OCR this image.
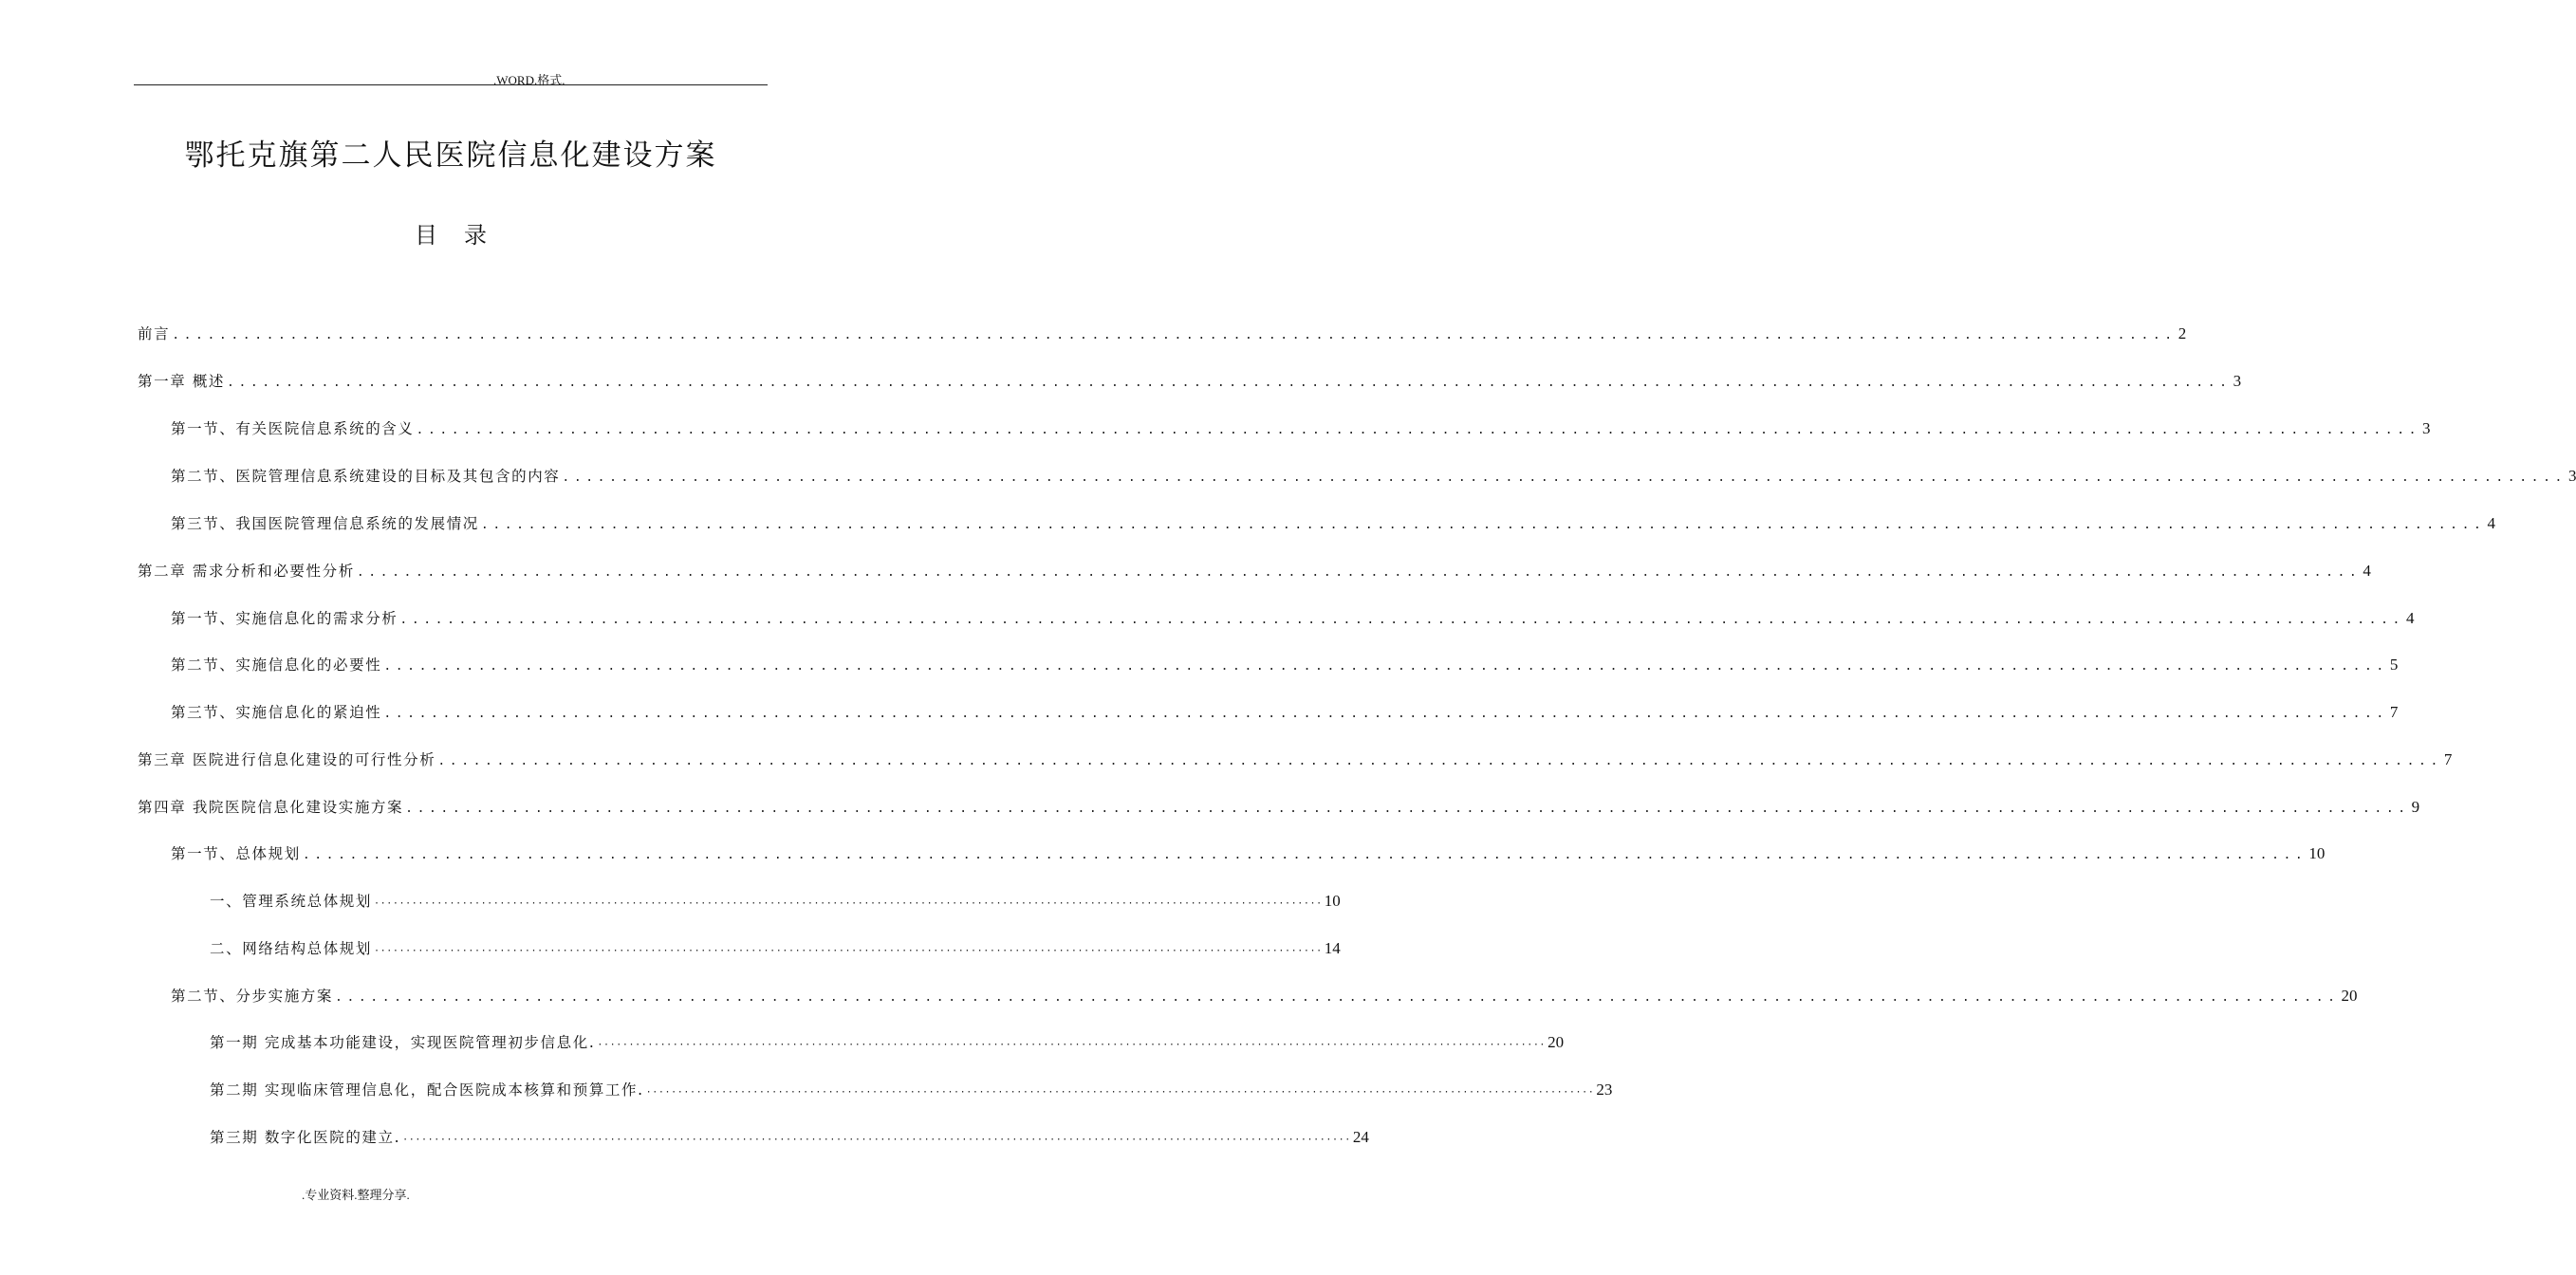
.WORD.格式.
鄂托克旗第二人民医院信息化建设方案
目录
前言 .......................................................................................................................................................................... 2
第一章 概述 .......................................................................................................................................................................... 3
第一节、有关医院信息系统的含义 .......................................................................................................................................................................... 3
第二节、医院管理信息系统建设的目标及其包含的内容 .......................................................................................................................................................................... 3
第三节、我国医院管理信息系统的发展情况 .......................................................................................................................................................................... 4
第二章 需求分析和必要性分析 .......................................................................................................................................................................... 4
第一节、实施信息化的需求分析 .......................................................................................................................................................................... 4
第二节、实施信息化的必要性 .......................................................................................................................................................................... 5
第三节、实施信息化的紧迫性 .......................................................................................................................................................................... 7
第三章 医院进行信息化建设的可行性分析 .......................................................................................................................................................................... 7
第四章 我院医院信息化建设实施方案 .......................................................................................................................................................................... 9
第一节、总体规划 .......................................................................................................................................................................... 10
一、管理系统总体规划 ······················································································································································· 10
二、网络结构总体规划 ······················································································································································· 14
第二节、分步实施方案 .......................................................................................................................................................................... 20
第一期 完成基本功能建设，实现医院管理初步信息化. ······················································································································································· 20
第二期 实现临床管理信息化，配合医院成本核算和预算工作. ······················································································································································· 23
第三期 数字化医院的建立. ······················································································································································· 24
.专业资料.整理分享.
